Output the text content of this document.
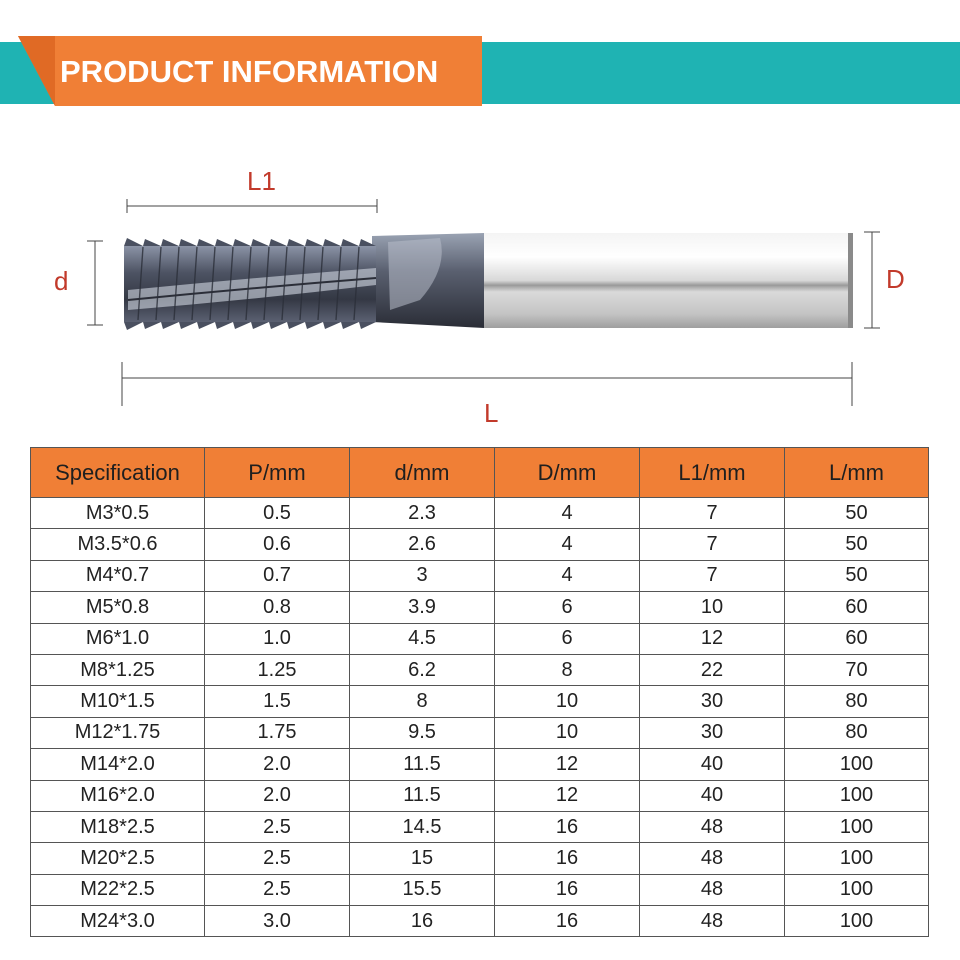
PRODUCT INFORMATION
L1
d	D
L
Specification	P/mm	d/mm	D/mm	L1/mm	L/mm
M3*0.5	0.5	2.3	4	7	50
M3.5*0.6	0.6	2.6	4	7	50
M4*0.7	0.7	3	4	7	50
M5*0.8	0.8	3.9	6	10	60
M6*1.0	1.0	4.5	6	12	60
M8*1.25	1.25	6.2	8	22	70
M10*1.5	1.5	8	10	30	80
M12*1.75	1.75	9.5	10	30	80
M14*2.0	2.0	11.5	12	40	100
M16*2.0	2.0	11.5	12	40	100
M18*2.5	2.5	14.5	16	48	100
M20*2.5	2.5	15	16	48	100
M22*2.5	2.5	15.5	16	48	100
M24*3.0	3.0	16	16	48	100
